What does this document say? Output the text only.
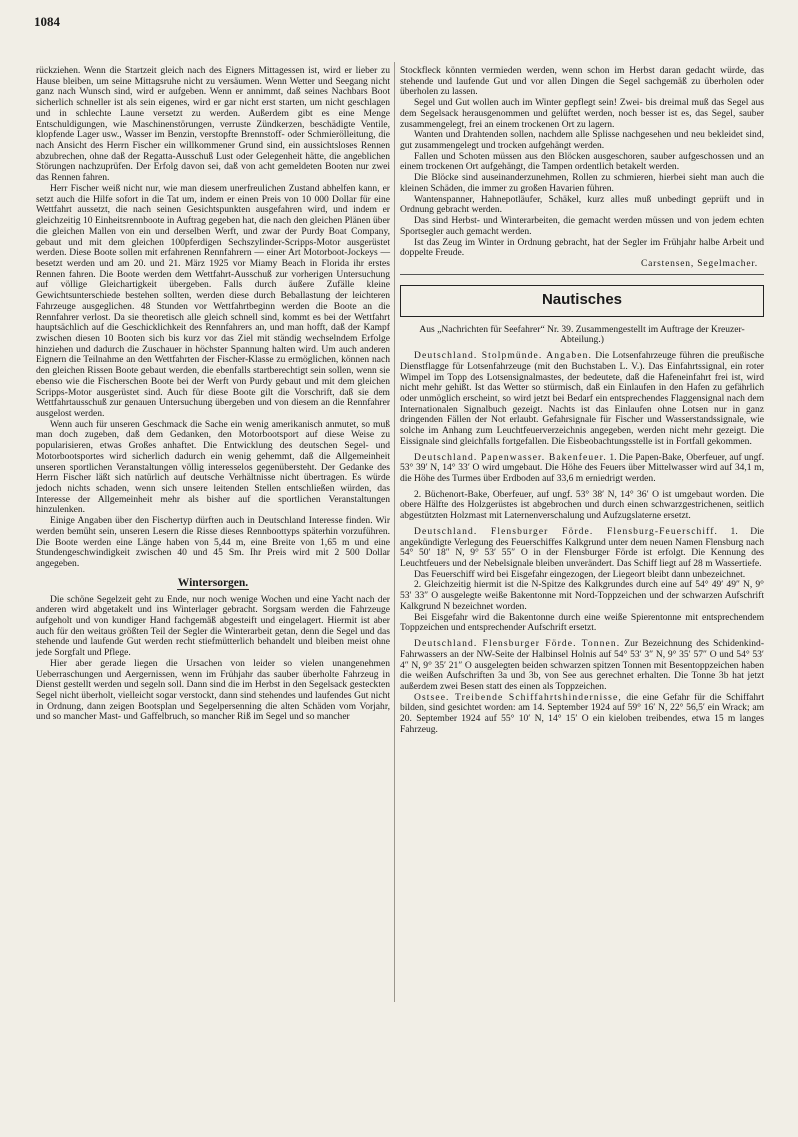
1084

rückziehen. Wenn die Startzeit gleich nach des Eigners Mittagessen ist, wird er lieber zu Hause bleiben, um seine Mittagsruhe nicht zu versäumen. Wenn Wetter und Seegang nicht ganz nach Wunsch sind, wird er aufgeben. Wenn er annimmt, daß seines Nachbars Boot sicherlich schneller ist als sein eigenes, wird er gar nicht erst starten, um nicht geschlagen und in schlechte Laune versetzt zu werden. Außerdem gibt es eine Menge Entschuldigungen, wie Maschinenstörungen, verruste Zündkerzen, beschädigte Ventile, klopfende Lager usw., Wasser im Benzin, verstopfte Brennstoff- oder Schmierölleitung, die nach Ansicht des Herrn Fischer ein willkommener Grund sind, ein aussichtsloses Rennen abzubrechen, ohne daß der Regatta-Ausschuß Lust oder Gelegenheit hätte, die angeblichen Störungen nachzuprüfen. Der Erfolg davon sei, daß von acht gemeldeten Booten nur zwei das Rennen fahren.

Herr Fischer weiß nicht nur, wie man diesem unerfreulichen Zustand abhelfen kann, er setzt auch die Hilfe sofort in die Tat um, indem er einen Preis von 10 000 Dollar für eine Wettfahrt aussetzt, die nach seinen Gesichtspunkten ausgefahren wird, und indem er gleichzeitig 10 Einheitsrennboote in Auftrag gegeben hat, die nach den gleichen Plänen über die gleichen Mallen von ein und derselben Werft, und zwar der Purdy Boat Company, gebaut und mit dem gleichen 100pferdigen Sechszylinder-Scripps-Motor ausgerüstet werden. Diese Boote sollen mit erfahrenen Rennfahrern — einer Art Motorboot-Jockeys — besetzt werden und am 20. und 21. März 1925 vor Miamy Beach in Florida ihr erstes Rennen fahren. Die Boote werden dem Wettfahrt-Ausschuß zur vorherigen Untersuchung auf völlige Gleichartigkeit übergeben. Falls durch äußere Zufälle kleine Gewichtsunterschiede bestehen sollten, werden diese durch Beballastung der leichteren Fahrzeuge ausgeglichen. 48 Stunden vor Wettfahrtbeginn werden die Boote an die Rennfahrer verlost. Da sie theoretisch alle gleich schnell sind, kommt es bei der Wettfahrt hauptsächlich auf die Geschicklichkeit des Rennfahrers an, und man hofft, daß der Kampf zwischen diesen 10 Booten sich bis kurz vor das Ziel mit ständig wechselndem Erfolge hinziehen und dadurch die Zuschauer in höchster Spannung halten wird. Um auch anderen Eignern die Teilnahme an den Wettfahrten der Fischer-Klasse zu ermöglichen, können nach den gleichen Rissen Boote gebaut werden, die ebenfalls startberechtigt sein sollen, wenn sie ebenso wie die Fischerschen Boote bei der Werft von Purdy gebaut und mit dem gleichen Scripps-Motor ausgerüstet sind. Auch für diese Boote gilt die Vorschrift, daß sie dem Wettfahrtausschuß zur genauen Untersuchung übergeben und von diesem an die Rennfahrer ausgelost werden.

Wenn auch für unseren Geschmack die Sache ein wenig amerikanisch anmutet, so muß man doch zugeben, daß dem Gedanken, den Motorbootsport auf diese Weise zu popularisieren, etwas Großes anhaftet. Die Entwicklung des deutschen Segel- und Motorbootsportes wird sicherlich dadurch ein wenig gehemmt, daß die Allgemeinheit unseren sportlichen Veranstaltungen völlig interesselos gegenübersteht. Der Gedanke des Herrn Fischer läßt sich natürlich auf deutsche Verhältnisse nicht übertragen. Es würde jedoch nichts schaden, wenn sich unsere leitenden Stellen entschließen würden, das Interesse der Allgemeinheit mehr als bisher auf die sportlichen Veranstaltungen hinzulenken.

Einige Angaben über den Fischertyp dürften auch in Deutschland Interesse finden. Wir werden bemüht sein, unseren Lesern die Risse dieses Rennboottyps späterhin vorzuführen. Die Boote werden eine Länge haben von 5,44 m, eine Breite von 1,65 m und eine Stundengeschwindigkeit zwischen 40 und 45 Sm. Ihr Preis wird mit 2 500 Dollar angegeben.

Wintersorgen.

Die schöne Segelzeit geht zu Ende, nur noch wenige Wochen und eine Yacht nach der anderen wird abgetakelt und ins Winterlager gebracht. Sorgsam werden die Fahrzeuge aufgeholt und von kundiger Hand fachgemäß abgesteift und eingelagert. Hiermit ist aber auch für den weitaus größten Teil der Segler die Winterarbeit getan, denn die Segel und das stehende und laufende Gut werden recht stiefmütterlich behandelt und bleiben meist ohne jede Sorgfalt und Pflege.

Hier aber gerade liegen die Ursachen von leider so vielen unangenehmen Ueberraschungen und Aergernissen, wenn im Frühjahr das sauber überholte Fahrzeug in Dienst gestellt werden und segeln soll. Dann sind die im Herbst in den Segelsack gesteckten Segel nicht überholt, vielleicht sogar verstockt, dann sind stehendes und laufendes Gut nicht in Ordnung, dann zeigen Bootsplan und Segelpersenning die alten Schäden vom Vorjahr, und so mancher Mast- und Gaffelbruch, so mancher Riß im Segel und so mancher

Stockfleck könnten vermieden werden, wenn schon im Herbst daran gedacht würde, das stehende und laufende Gut und vor allen Dingen die Segel sachgemäß zu überholen oder überholen zu lassen.

Segel und Gut wollen auch im Winter gepflegt sein! Zwei- bis dreimal muß das Segel aus dem Segelsack herausgenommen und gelüftet werden, noch besser ist es, das Segel, sauber zusammengelegt, frei an einem trockenen Ort zu lagern.

Wanten und Drahtenden sollen, nachdem alle Splisse nachgesehen und neu bekleidet sind, gut zusammengelegt und trocken aufgehängt werden.

Fallen und Schoten müssen aus den Blöcken ausgeschoren, sauber aufgeschossen und an einem trockenen Ort aufgehängt, die Tampen ordentlich betakelt werden.

Die Blöcke sind auseinanderzunehmen, Rollen zu schmieren, hierbei sieht man auch die kleinen Schäden, die immer zu großen Havarien führen.

Wantenspanner, Hahnepotläufer, Schäkel, kurz alles muß unbedingt geprüft und in Ordnung gebracht werden.

Das sind Herbst- und Winterarbeiten, die gemacht werden müssen und von jedem echten Sportsegler auch gemacht werden.

Ist das Zeug im Winter in Ordnung gebracht, hat der Segler im Frühjahr halbe Arbeit und doppelte Freude.

Carstensen, Segelmacher.

Nautisches

Aus „Nachrichten für Seefahrer“ Nr. 39. Zusammengestellt im Auftrage der Kreuzer-Abteilung.)

Deutschland. Stolpmünde. Angaben. Die Lotsenfahrzeuge führen die preußische Dienstflagge für Lotsenfahrzeuge (mit den Buchstaben L. V.). Das Einfahrtssignal, ein roter Wimpel im Topp des Lotsensignalmastes, der bedeutete, daß die Hafeneinfahrt frei ist, wird nicht mehr gehißt. Ist das Wetter so stürmisch, daß ein Einlaufen in den Hafen zu gefährlich oder unmöglich erscheint, so wird jetzt bei Bedarf ein entsprechendes Flaggensignal nach dem Internationalen Signalbuch gezeigt. Nachts ist das Einlaufen ohne Lotsen nur in ganz dringenden Fällen der Not erlaubt. Gefahrsignale für Fischer und Wasserstandssignale, wie solche im Anhang zum Leuchtfeuerverzeichnis angegeben, werden nicht mehr gezeigt. Die Eissignale sind gleichfalls fortgefallen. Die Eisbeobachtungsstelle ist in Fortfall gekommen.

Deutschland. Papenwasser. Bakenfeuer. 1. Die Papen-Bake, Oberfeuer, auf ungf. 53° 39′ N, 14° 33′ O wird umgebaut. Die Höhe des Feuers über Mittelwasser wird auf 34,1 m, die Höhe des Turmes über Erdboden auf 33,6 m erniedrigt werden.

2. Büchenort-Bake, Oberfeuer, auf ungf. 53° 38′ N, 14° 36′ O ist umgebaut worden. Die obere Hälfte des Holzgerüstes ist abgebrochen und durch einen schwarzgestrichenen, seitlich abgestützten Holzmast mit Laternenverschalung und Aufzugslaterne ersetzt.

Deutschland. Flensburger Förde. Flensburg-Feuerschiff. 1. Die angekündigte Verlegung des Feuerschiffes Kalkgrund unter dem neuen Namen Flensburg nach 54° 50′ 18″ N, 9° 53′ 55″ O in der Flensburger Förde ist erfolgt. Die Kennung des Leuchtfeuers und der Nebelsignale bleiben unverändert. Das Schiff liegt auf 28 m Wassertiefe.

Das Feuerschiff wird bei Eisgefahr eingezogen, der Liegeort bleibt dann unbezeichnet.

2. Gleichzeitig hiermit ist die N-Spitze des Kalkgrundes durch eine auf 54° 49′ 49″ N, 9° 53′ 33″ O ausgelegte weiße Bakentonne mit Nord-Toppzeichen und der schwarzen Aufschrift Kalkgrund N bezeichnet worden.

Bei Eisgefahr wird die Bakentonne durch eine weiße Spierentonne mit entsprechendem Toppzeichen und entsprechender Aufschrift ersetzt.

Deutschland. Flensburger Förde. Tonnen. Zur Bezeichnung des Schidenkind-Fahrwassers an der NW-Seite der Halbinsel Holnis auf 54° 53′ 3″ N, 9° 35′ 57″ O und 54° 53′ 4″ N, 9° 35′ 21″ O ausgelegten beiden schwarzen spitzen Tonnen mit Besentoppzeichen haben die weißen Aufschriften 3a und 3b, von See aus gerechnet erhalten. Die Tonne 3b hat jetzt außerdem zwei Besen statt des einen als Toppzeichen.

Ostsee. Treibende Schiffahrtshindernisse, die eine Gefahr für die Schiffahrt bilden, sind gesichtet worden: am 14. September 1924 auf 59° 16′ N, 22° 56,5′ ein Wrack; am 20. September 1924 auf 55° 10′ N, 14° 15′ O ein kieloben treibendes, etwa 15 m langes Fahrzeug.
